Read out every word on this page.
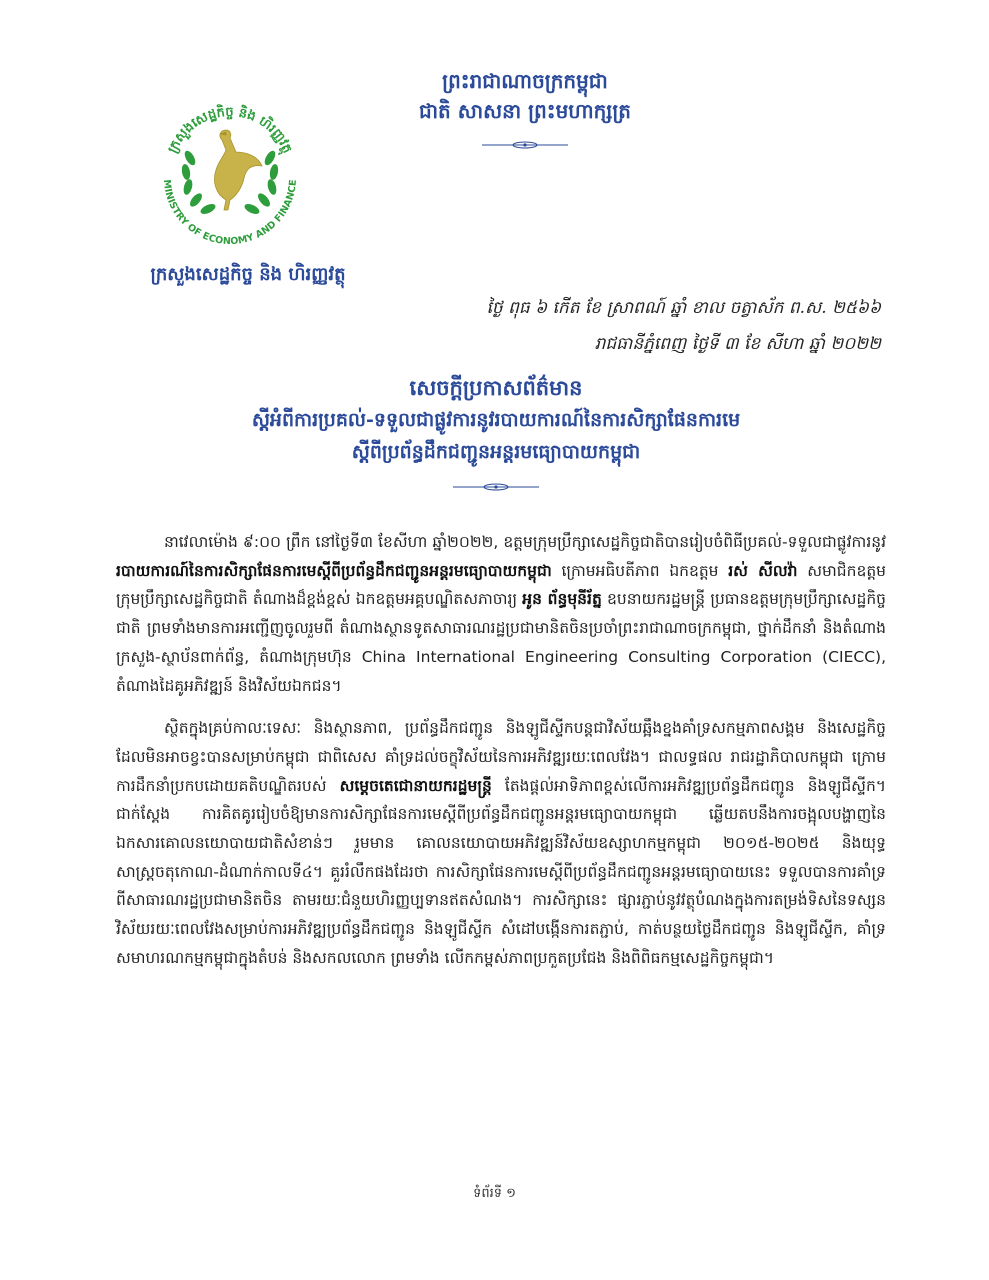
ព្រះរាជាណាចក្រកម្ពុជា
ជាតិ សាសនា ព្រះមហាក្សត្រ
ក្រសួងសេដ្ឋកិច្ច និង ហិរញ្ញវត្ថុ
MINISTRY OF ECONOMY AND FINANCE
ក្រសួងសេដ្ឋកិច្ច និង ហិរញ្ញវត្ថុ
ថ្ងៃ ពុធ ៦ កើត ខែ ស្រាពណ៍ ឆ្នាំ ខាល ចត្វាស័ក ព.ស. ២៥៦៦
រាជធានីភ្នំពេញ ថ្ងៃទី ៣ ខែ សីហា ឆ្នាំ ២០២២
សេចក្តីប្រកាសព័ត៌មាន
ស្តីអំពីការប្រគល់-ទទួលជាផ្លូវការនូវរបាយការណ៍នៃការសិក្សាផែនការមេ
ស្តីពីប្រព័ន្ធដឹកជញ្ជូនអន្តរមធ្យោបាយកម្ពុជា

នាវេលាម៉ោង ៩:០០ ព្រឹក នៅថ្ងៃទី៣ ខែសីហា ឆ្នាំ២០២២, ឧត្តមក្រុមប្រឹក្សាសេដ្ឋកិច្ចជាតិបានរៀបចំពិធីប្រគល់-ទទួលជាផ្លូវការនូវ របាយការណ៍នៃការសិក្សាផែនការមេស្តីពីប្រព័ន្ធដឹកជញ្ជូនអន្តរមធ្យោបាយកម្ពុជា ក្រោមអធិបតីភាព ឯកឧត្តម រស់ សីលវ៉ា សមាជិកឧត្តមក្រុមប្រឹក្សាសេដ្ឋកិច្ចជាតិ តំណាងដ៏ខ្ពង់ខ្ពស់ ឯកឧត្តមអគ្គបណ្ឌិតសភាចារ្យ អូន ព័ន្ធមុនីរ័ត្ន ឧបនាយករដ្ឋមន្ត្រី ប្រធានឧត្តមក្រុមប្រឹក្សាសេដ្ឋកិច្ចជាតិ ព្រមទាំងមានការអញ្ជើញចូលរួមពី តំណាងស្ថានទូតសាធារណរដ្ឋប្រជាមានិតចិនប្រចាំព្រះរាជាណាចក្រកម្ពុជា, ថ្នាក់ដឹកនាំ និងតំណាងក្រសួង-ស្ថាប័នពាក់ព័ន្ធ, តំណាងក្រុមហ៊ុន China International Engineering Consulting Corporation (CIECC), តំណាងដៃគូអភិវឌ្ឍន៍ និងវិស័យឯកជន។

ស្ថិតក្នុងគ្រប់កាលៈទេសៈ និងស្ថានភាព, ប្រព័ន្ធដឹកជញ្ជូន និងឡូជីស្ទីកបន្តជាវិស័យឆ្អឹងខ្នងគាំទ្រសកម្មភាពសង្គម និងសេដ្ឋកិច្ច ដែលមិនអាចខ្វះបានសម្រាប់កម្ពុជា ជាពិសេស គាំទ្រដល់ចក្ខុវិស័យនៃការអភិវឌ្ឍរយៈពេលវែង។ ជាលទ្ធផល រាជរដ្ឋាភិបាលកម្ពុជា ក្រោមការដឹកនាំប្រកបដោយគតិបណ្ឌិតរបស់ សម្តេចតេជោនាយករដ្ឋមន្ត្រី តែងផ្តល់អាទិភាពខ្ពស់លើការអភិវឌ្ឍប្រព័ន្ធដឹកជញ្ជូន និងឡូជីស្ទីក។ ជាក់ស្តែង ការគិតគូររៀបចំឱ្យមានការសិក្សាផែនការមេស្តីពីប្រព័ន្ធដឹកជញ្ជូនអន្តរមធ្យោបាយកម្ពុជា ឆ្លើយតបនឹងការចង្អុលបង្ហាញនៃឯកសារគោលនយោបាយជាតិសំខាន់ៗ រួមមាន គោលនយោបាយអភិវឌ្ឍន៍វិស័យឧស្សាហកម្មកម្ពុជា ២០១៥-២០២៥ និងយុទ្ធសាស្រ្តចតុកោណ-ដំណាក់កាលទី៤។ គួររំលឹកផងដែរថា ការសិក្សាផែនការមេស្តីពីប្រព័ន្ធដឹកជញ្ជូនអន្តរមធ្យោបាយនេះ ទទួលបានការគាំទ្រពីសាធារណរដ្ឋប្រជាមានិតចិន តាមរយៈជំនួយហិរញ្ញប្បទានឥតសំណង។ ការសិក្សានេះ ផ្សារភ្ជាប់នូវវត្ថុបំណងក្នុងការតម្រង់ទិសនៃទស្សនវិស័យរយៈពេលវែងសម្រាប់ការអភិវឌ្ឍប្រព័ន្ធដឹកជញ្ជូន និងឡូជីស្ទីក សំដៅបង្កើនការតភ្ជាប់, កាត់បន្ថយថ្លៃដឹកជញ្ជូន និងឡូជីស្ទីក, គាំទ្រសមាហរណកម្មកម្ពុជាក្នុងតំបន់ និងសកលលោក ព្រមទាំង លើកកម្ពស់ភាពប្រកួតប្រជែង និងពិពិធកម្មសេដ្ឋកិច្ចកម្ពុជា។

ទំព័រទី ១
